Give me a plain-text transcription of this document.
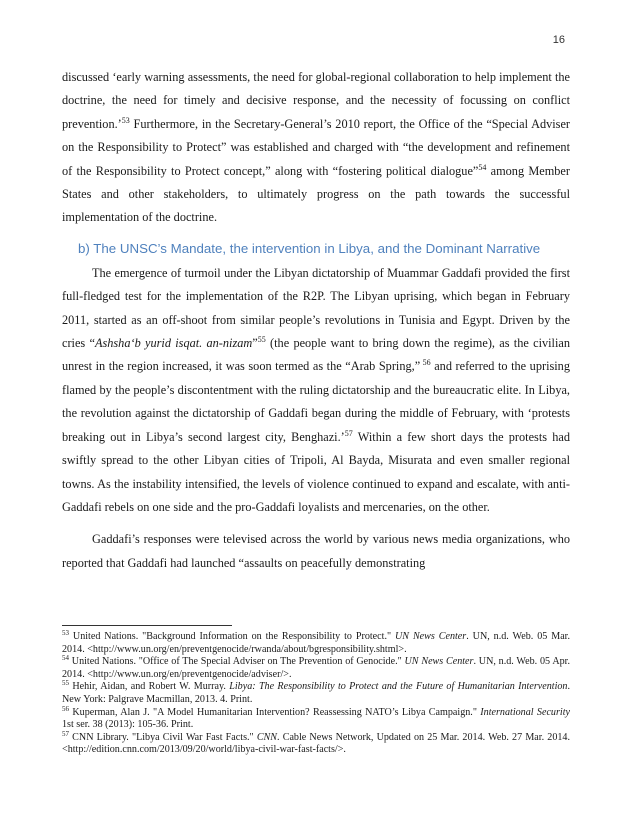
16

discussed ‘early warning assessments, the need for global-regional collaboration to help implement the doctrine, the need for timely and decisive response, and the necessity of focussing on conflict prevention.’$^{53}$ Furthermore, in the Secretary-General’s 2010 report, the Office of the “Special Adviser on the Responsibility to Protect” was established and charged with “the development and refinement of the Responsibility to Protect concept,” along with “fostering political dialogue”$^{54}$ among Member States and other stakeholders, to ultimately progress on the path towards the successful implementation of the doctrine.

b) The UNSC’s Mandate, the intervention in Libya, and the Dominant Narrative

The emergence of turmoil under the Libyan dictatorship of Muammar Gaddafi provided the first full-fledged test for the implementation of the R2P. The Libyan uprising, which began in February 2011, started as an off-shoot from similar people’s revolutions in Tunisia and Egypt. Driven by the cries “Ashsha‘b yurid isqat. an-nizam”$^{55}$ (the people want to bring down the regime), as the civilian unrest in the region increased, it was soon termed as the “Arab Spring,” $^{56}$ and referred to the uprising flamed by the people’s discontentment with the ruling dictatorship and the bureaucratic elite. In Libya, the revolution against the dictatorship of Gaddafi began during the middle of February, with ‘protests breaking out in Libya’s second largest city, Benghazi.’$^{57}$ Within a few short days the protests had swiftly spread to the other Libyan cities of Tripoli, Al Bayda, Misurata and even smaller regional towns. As the instability intensified, the levels of violence continued to expand and escalate, with anti-Gaddafi rebels on one side and the pro-Gaddafi loyalists and mercenaries, on the other.

Gaddafi’s responses were televised across the world by various news media organizations, who reported that Gaddafi had launched “assaults on peacefully demonstrating

$^{53}$ United Nations. "Background Information on the Responsibility to Protect." UN News Center. UN, n.d. Web. 05 Mar. 2014. <http://www.un.org/en/preventgenocide/rwanda/about/bgresponsibility.shtml>.

$^{54}$ United Nations. "Office of The Special Adviser on The Prevention of Genocide." UN News Center. UN, n.d. Web. 05 Apr. 2014. <http://www.un.org/en/preventgenocide/adviser/>.

$^{55}$ Hehir, Aidan, and Robert W. Murray. Libya: The Responsibility to Protect and the Future of Humanitarian Intervention. New York: Palgrave Macmillan, 2013. 4. Print.

$^{56}$ Kuperman, Alan J. "A Model Humanitarian Intervention? Reassessing NATO’s Libya Campaign." International Security 1st ser. 38 (2013): 105-36. Print.

$^{57}$ CNN Library. "Libya Civil War Fast Facts." CNN. Cable News Network, Updated on 25 Mar. 2014. Web. 27 Mar. 2014. <http://edition.cnn.com/2013/09/20/world/libya-civil-war-fast-facts/>.
